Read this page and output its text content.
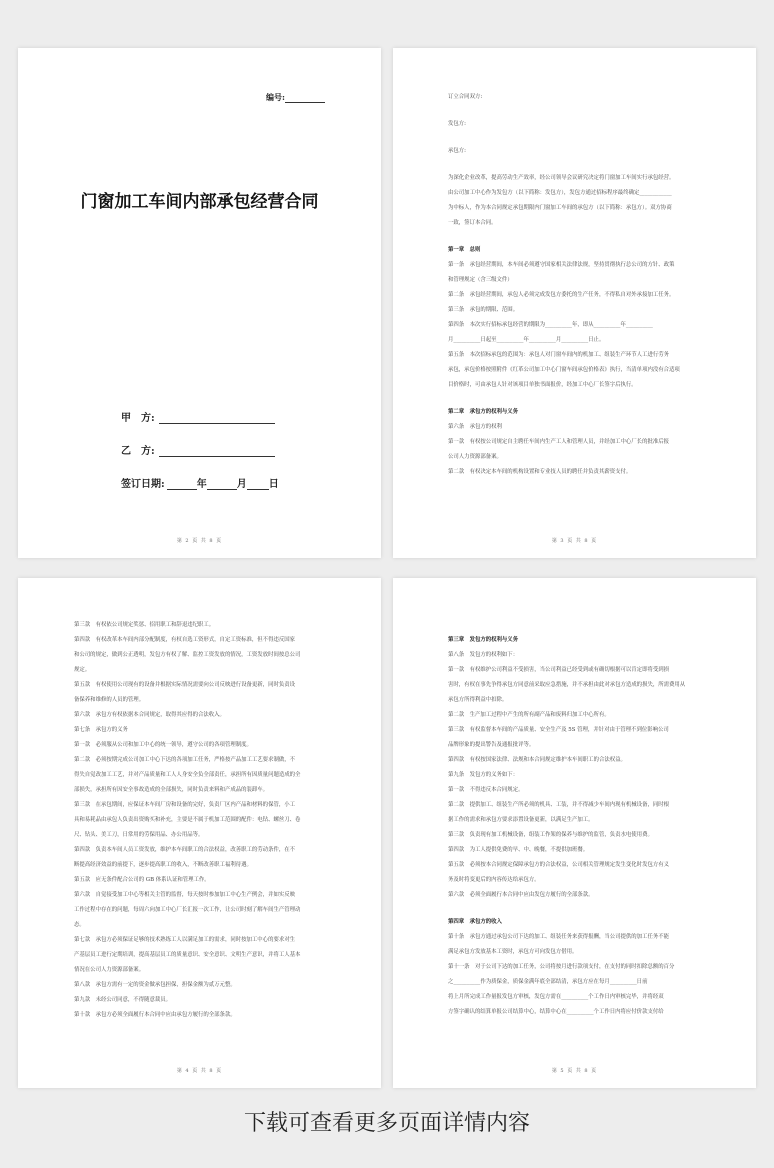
编号:
门窗加工车间内部承包经营合同
甲　方:
乙　方:
签订日期:	年	月 日
第 2 页 共 8 页
订立合同双方:
发包方:
承包方:
为深化企业改革，提高劳动生产效率，经公司领导会议研究决定将门窗加工车间实行承包经营。
由公司加工中心作为发包方（以下简称：发包方），发包方通过招标程序最终确定____________
为中标人，作为本合同规定承包期限内门窗加工车间的承包方（以下简称：承包方）。双方协商
一致，签订本合同。
第一章　总则
第一条　承包经营期间，本车间必须遵守国家相关法律法规，坚持贯彻执行总公司的方针、政策
和管理规定（含三级文件）
第二条　承包经营期间，承包人必须完成发包方委托的生产任务，不得私自对外承接加工任务。
第三条　承包的期限、范围。
第四条　本次实行招标承包经营的期限为__________年，即从__________年__________
月__________日起至__________年__________月__________日止。
第五条　本次招标承包的范围为：承包人对门窗车间内的机加工、组装生产环节人工进行劳务
承包，承包价格按照附件《红革公司加工中心门窗车间承包价格表》执行，当清单项内没有合适项
目价格时，可由承包人针对该项目单独书面报价，经加工中心厂长签字后执行。
第二章　承包方的权利与义务
第六条　承包方的权利
第一款　有权按公司规定自主聘任车间内生产工人和管理人员，并经加工中心厂长的批准后报
公司人力资源部备案。
第二款　有权决定本车间的机构设置和专业技人员的聘任并负责其薪资支付。
第 3 页 共 8 页
第三款　有权依公司规定奖惩、招用职工和辞退违纪职工。
第四款　有权改革本车间内部分配制度，有权自选工资形式，自定工资标准，但不得违反国家
和公司的规定，做到公正透明，发包方有权了解、监控工资发放的情况，工资发放时间按总公司
规定。
第五款　有权使用公司现有的设备并根据实际情况需要向公司反映进行设备更新，同时负责设
备保养和维修的人员的管理。
第六款　承包方有权依据本合同规定，取得其应得的合法收入。
第七条　承包方的义务
第一款　必须服从公司和加工中心的统一领导，遵守公司的各项管理制度。
第二款　必须按期完成公司加工中心下达的各项加工任务，严格按产品加工工艺要求制做，不
得失自觉改加工工艺，并对产品质量和工人人身安全负全部责任，承担所有因质量问题造成的全
部损失，承担所有因安全事故造成的全部损失，同时负责来料和产成品的装卸车。
第三款　在承包期间，应保证本车间厂房和设备的完好，负责厂区内产品和材料的保管，小工
具和易耗品由承包人负责出资购买和补充，主要是不属于机加工范围的配件：电钻、螺丝刀、卷
尺、钻头、美工刀，日常用的劳保用品、办公用品等。
第四款　负责本车间人员工资发放，维护本车间职工的合法权益，改善职工的劳动条件，在不
断提高经济效益的前提下，逐步提高职工的收入，不断改善职工福利待遇。
第五款　应无条件配合公司的 GB 体系认证和管理工作。
第六款　自觉接受加工中心等相关主管的监督，每天按时参加加工中心生产例会，并如实反映
工作过程中存在的问题，每周六向加工中心厂长汇报一次工作，让公司时刻了解车间生产管理动
态。
第七款　承包方必须保证足够的技术熟练工人以满足加工的需求，同时按加工中心的要求对生
产基层员工进行定期培训，提高基层员工的质量意识、安全意识、文明生产意识，并将工人基本
情况在公司人力资源部备案。
第八款　承包方需有一定的资金做承包担保，担保金额为贰万元整。
第九款　未经公司同意，不得随意裁员。
第十款　承包方必须全面履行本合同中应由承包方履行的全部条款。
第 4 页 共 8 页
第三章　发包方的权利与义务
第八条　发包方的权利如下：
第一款　有权维护公司利益不受损害，当公司利益已经受到或有确切根据可以肯定即将受到损
害时，有权在事先争得承包方同意前采取应急措施，并不承担由此对承包方造成的损失，所需费用从
承包方所得利益中扣除。
第二款　生产加工过程中产生的所有副产品和废料归加工中心所有。
第三款　有权监督本车间的产品质量、安全生产及 5S 管理，并针对由于管理不到位影响公司
品牌形象的提出警告及通报批评等。
第四款　有权按国家法律、法规和本合同规定维护本车间职工的合法权益。
第九条　发包方的义务如下：
第一款　不得违反本合同规定。
第二款　提供加工、组装生产所必须的机具、工装，并不得减少车间内现有机械设备，同时根
据工作的需求和承包方要求添置设备更新，以满足生产加工。
第三款　负责现有加工机械设备，组装工作架的保养与维护的监管，负责水电使用费。
第四款　为工人提供免费的早、中、晚餐，不提供加班餐。
第五款　必须按本合同规定保障承包方的合法权益，公司相关管理规定发生变化时发包方有义
务及时将变更后的内容传达给承包方。
第六款　必须全面履行本合同中应由发包方履行的全部条款。
第四章　承包方的收入
第十条　承包方通过承包公司下达的加工、组装任务来获得报酬，当公司提供的加工任务不能
满足承包方发放基本工资时，承包方可向发包方借用。
第十一条　对于公司下达的加工任务，公司将按月进行款项支付，在支付的同时扣除总额的百分
之__________作为质保金，质保金满年底全部结清，承包方应在每月__________日前
将上月所完成工作量报发包方审核，发包方需在__________个工作日内审核完毕，并将经双
方签字确认的结算单报公司结算中心，结算中心在__________个工作日内将应付价款支付给
第 5 页 共 8 页
下载可查看更多页面详情内容
